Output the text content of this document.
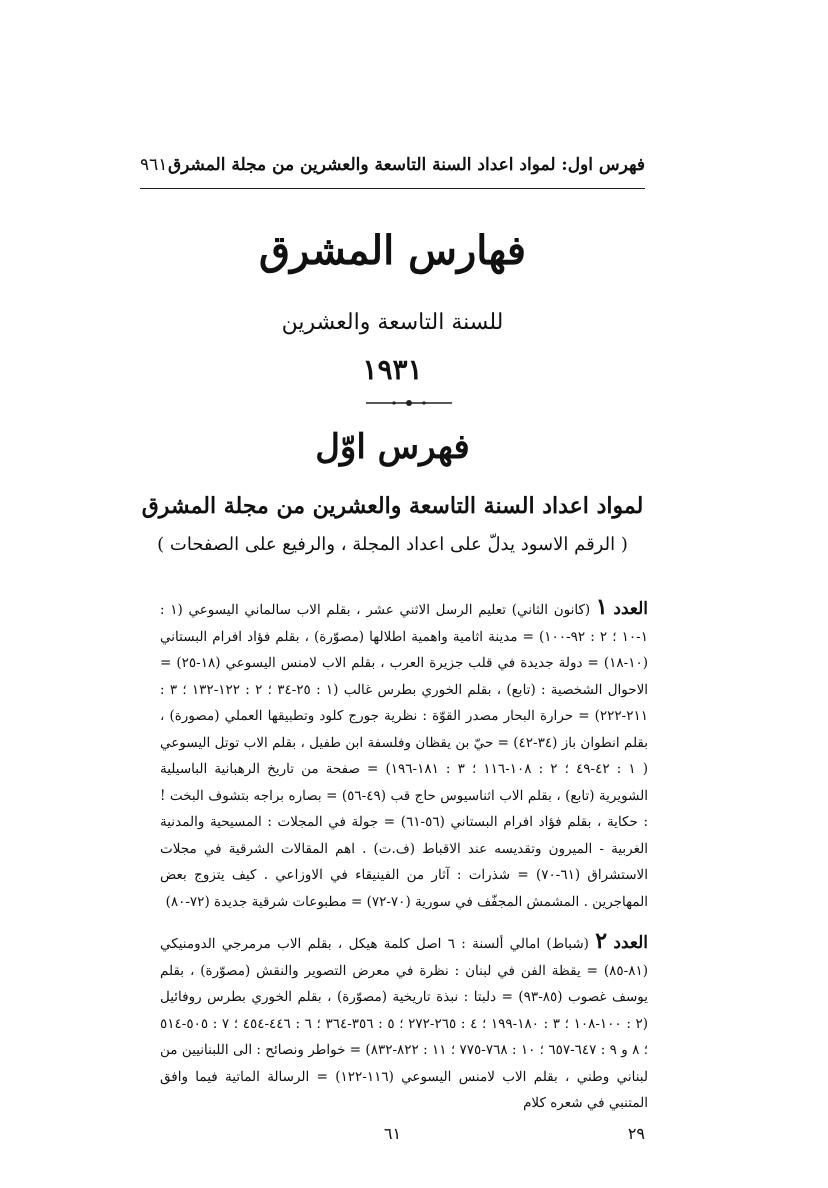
فهرس اول: لمواد اعداد السنة التاسعة والعشرين من مجلة المشرق
٩٦١
فهارس المشرق
للسنة التاسعة والعشرين
١٩٣١
فهرس اوّل
لمواد اعداد السنة التاسعة والعشرين من مجلة المشرق
( الرقم الاسود يدلّ على اعداد المجلة ، والرفيع على الصفحات )
العدد ١ (كانون الثاني) تعليم الرسل الاثني عشر ، بقلم الاب سالماني اليسوعي (١ : ١-١٠ ؛ ٢ : ٩٢-١٠٠) = مدينة اثامية واهمية اطلالها (مصوّرة) ، بقلم فؤاد افرام البستاني (١٠-١٨) = دولة جديدة في قلب جزيرة العرب ، بقلم الاب لامنس اليسوعي (١٨-٢٥) = الاحوال الشخصية : (تابع) ، بقلم الخوري بطرس غالب (١ : ٢٥-٣٤ ؛ ٢ : ١٢٢-١٣٢ ؛ ٣ : ٢١١-٢٢٢) = حرارة البحار مصدر القوّة : نظرية جورج كلود وتطبيقها العملي (مصورة) ، بقلم انطوان باز (٣٤-٤٢) = حيّ بن يقظان وفلسفة ابن طفيل ، بقلم الاب توتل اليسوعي ( ١ : ٤٢-٤٩ ؛ ٢ : ١٠٨-١١٦ ؛ ٣ : ١٨١-١٩٦) = صفحة من تاريخ الرهبانية الباسيلية الشويرية (تابع) ، بقلم الاب اثناسيوس حاج قب (٤٩-٥٦) = بصاره براجه بتشوف البخت ! : حكاية ، بقلم فؤاد افرام البستاني (٥٦-٦١) = جولة في المجلات : المسيحية والمدنية الغربية - الميرون وتقديسه عند الاقباط (ف.ت) . اهم المقالات الشرقية في مجلات الاستشراق (٦١-٧٠) = شذرات : آثار من الفينيقاء في الاوزاعي . كيف يتزوج بعض المهاجرين . المشمش المجفّف في سورية (٧٠-٧٢) = مطبوعات شرقية جديدة (٧٢-٨٠)
العدد ٢ (شباط) امالي ألسنة : ٦ اصل كلمة هيكل ، بقلم الاب مرمرجي الدومنيكي (٨١-٨٥) = يقظة الفن في لبنان : نظرة في معرض التصوير والنقش (مصوّرة) ، بقلم يوسف غصوب (٨٥-٩٣) = دلبتا : نبذة تاريخية (مصوّرة) ، بقلم الخوري بطرس روفائيل (٢ : ١٠٠-١٠٨ ؛ ٣ : ١٨٠-١٩٩ ؛ ٤ : ٢٦٥-٢٧٢ ؛ ٥ : ٣٥٦-٣٦٤ ؛ ٦ : ٤٤٦-٤٥٤ ؛ ٧ : ٥٠٥-٥١٤ ؛ ٨ و ٩ : ٦٤٧-٦٥٧ ؛ ١٠ : ٧٦٨-٧٧٥ ؛ ١١ : ٨٢٢-٨٣٢) = خواطر ونصائح : الى اللبنانيين من لبناني وطني ، بقلم الاب لامنس اليسوعي (١١٦-١٢٢) = الرسالة الماتية فيما وافق المتنبي في شعره كلام
٢٩
٦١
